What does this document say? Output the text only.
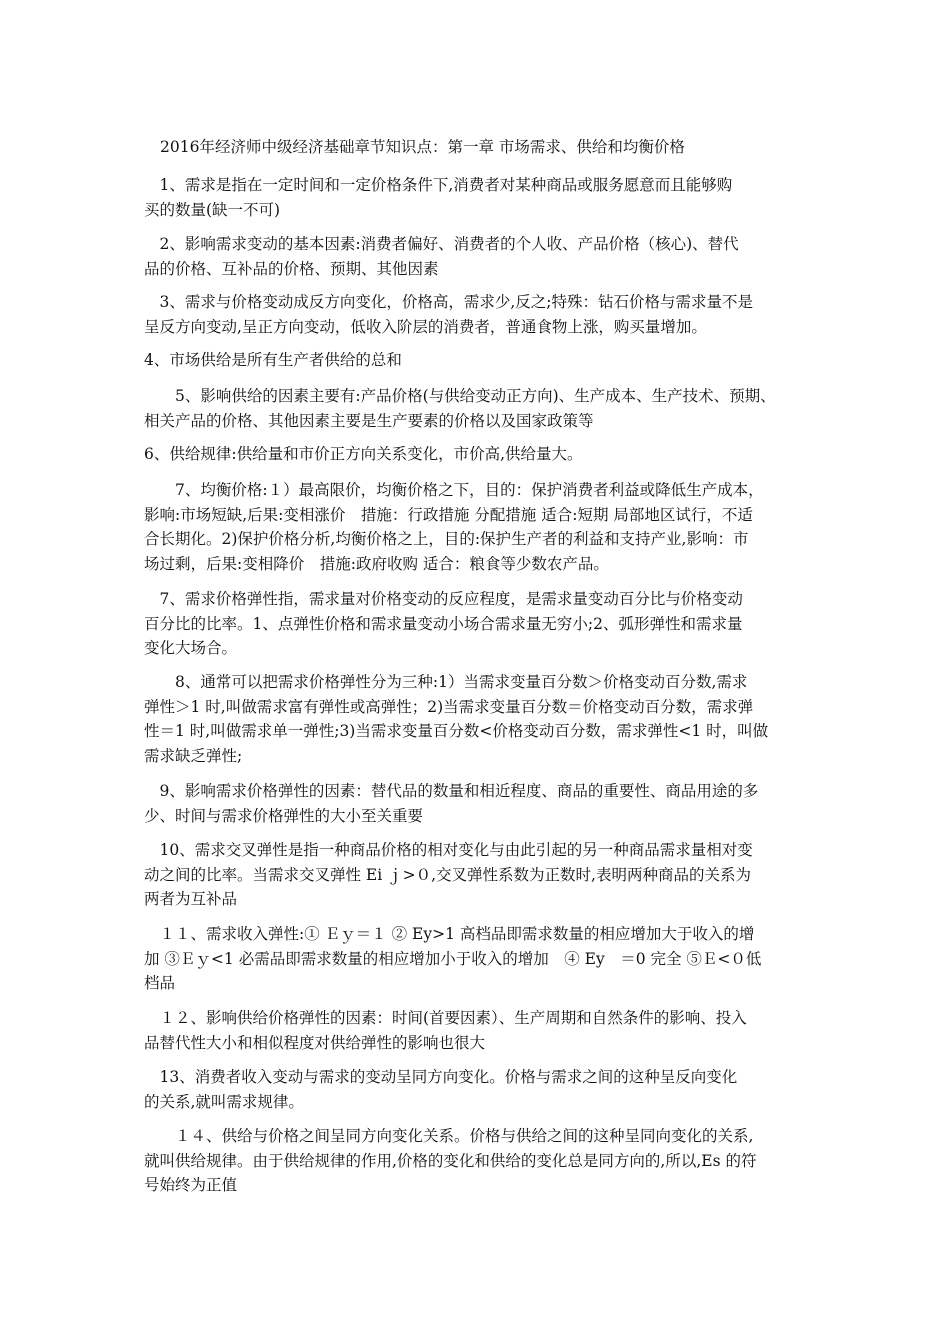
2016年经济师中级经济基础章节知识点：第一章 市场需求、供给和均衡价格
　1、需求是指在一定时间和一定价格条件下,消费者对某种商品或服务愿意而且能够购
买的数量(缺一不可)
　2、影响需求变动的基本因素:消费者偏好、消费者的个人收、产品价格（核心)、替代
品的价格、互补品的价格、预期、其他因素
　3、需求与价格变动成反方向变化，价格高，需求少,反之;特殊：钻石价格与需求量不是
呈反方向变动,呈正方向变动，低收入阶层的消费者，普通食物上涨，购买量增加。
4、市场供给是所有生产者供给的总和
　　5、影响供给的因素主要有:产品价格(与供给变动正方向)、生产成本、生产技术、预期、
相关产品的价格、其他因素主要是生产要素的价格以及国家政策等
6、供给规律:供给量和市价正方向关系变化，市价高,供给量大。
　　7、均衡价格:１）最高限价，均衡价格之下，目的：保护消费者利益或降低生产成本，
影响:市场短缺,后果:变相涨价　措施：行政措施 分配措施 适合:短期 局部地区试行，不适
合长期化。2)保护价格分析,均衡价格之上，目的:保护生产者的利益和支持产业,影响：市
场过剩，后果:变相降价　措施:政府收购 适合：粮食等少数农产品。
　7、需求价格弹性指，需求量对价格变动的反应程度，是需求量变动百分比与价格变动
百分比的比率。1、点弹性价格和需求量变动小场合需求量无穷小;2、弧形弹性和需求量
变化大场合。
　　8、通常可以把需求价格弹性分为三种:1）当需求变量百分数＞价格变动百分数,需求
弹性＞1 时,叫做需求富有弹性或高弹性；2)当需求变量百分数＝价格变动百分数，需求弹
性＝1 时,叫做需求单一弹性;3)当需求变量百分数<价格变动百分数，需求弹性<1 时，叫做
需求缺乏弹性;
　9、影响需求价格弹性的因素：替代品的数量和相近程度、商品的重要性、商品用途的多
少、时间与需求价格弹性的大小至关重要
　10、需求交叉弹性是指一种商品价格的相对变化与由此引起的另一种商品需求量相对变
动之间的比率。当需求交叉弹性 Ei ｊ>０,交叉弹性系数为正数时,表明两种商品的关系为
两者为互补品
　１１、需求收入弹性:① Ｅｙ＝１ ② Ey>1 高档品即需求数量的相应增加大于收入的增
加 ③Ｅｙ<1 必需品即需求数量的相应增加小于收入的增加　④ Ey　＝0 完全 ⑤Ｅ<０低
档品
　１２、影响供给价格弹性的因素：时间(首要因素）、生产周期和自然条件的影响、投入
品替代性大小和相似程度对供给弹性的影响也很大
　13、消费者收入变动与需求的变动呈同方向变化。价格与需求之间的这种呈反向变化
的关系,就叫需求规律。
　　１４、供给与价格之间呈同方向变化关系。价格与供给之间的这种呈同向变化的关系,
就叫供给规律。由于供给规律的作用,价格的变化和供给的变化总是同方向的,所以,Es 的符
号始终为正值
